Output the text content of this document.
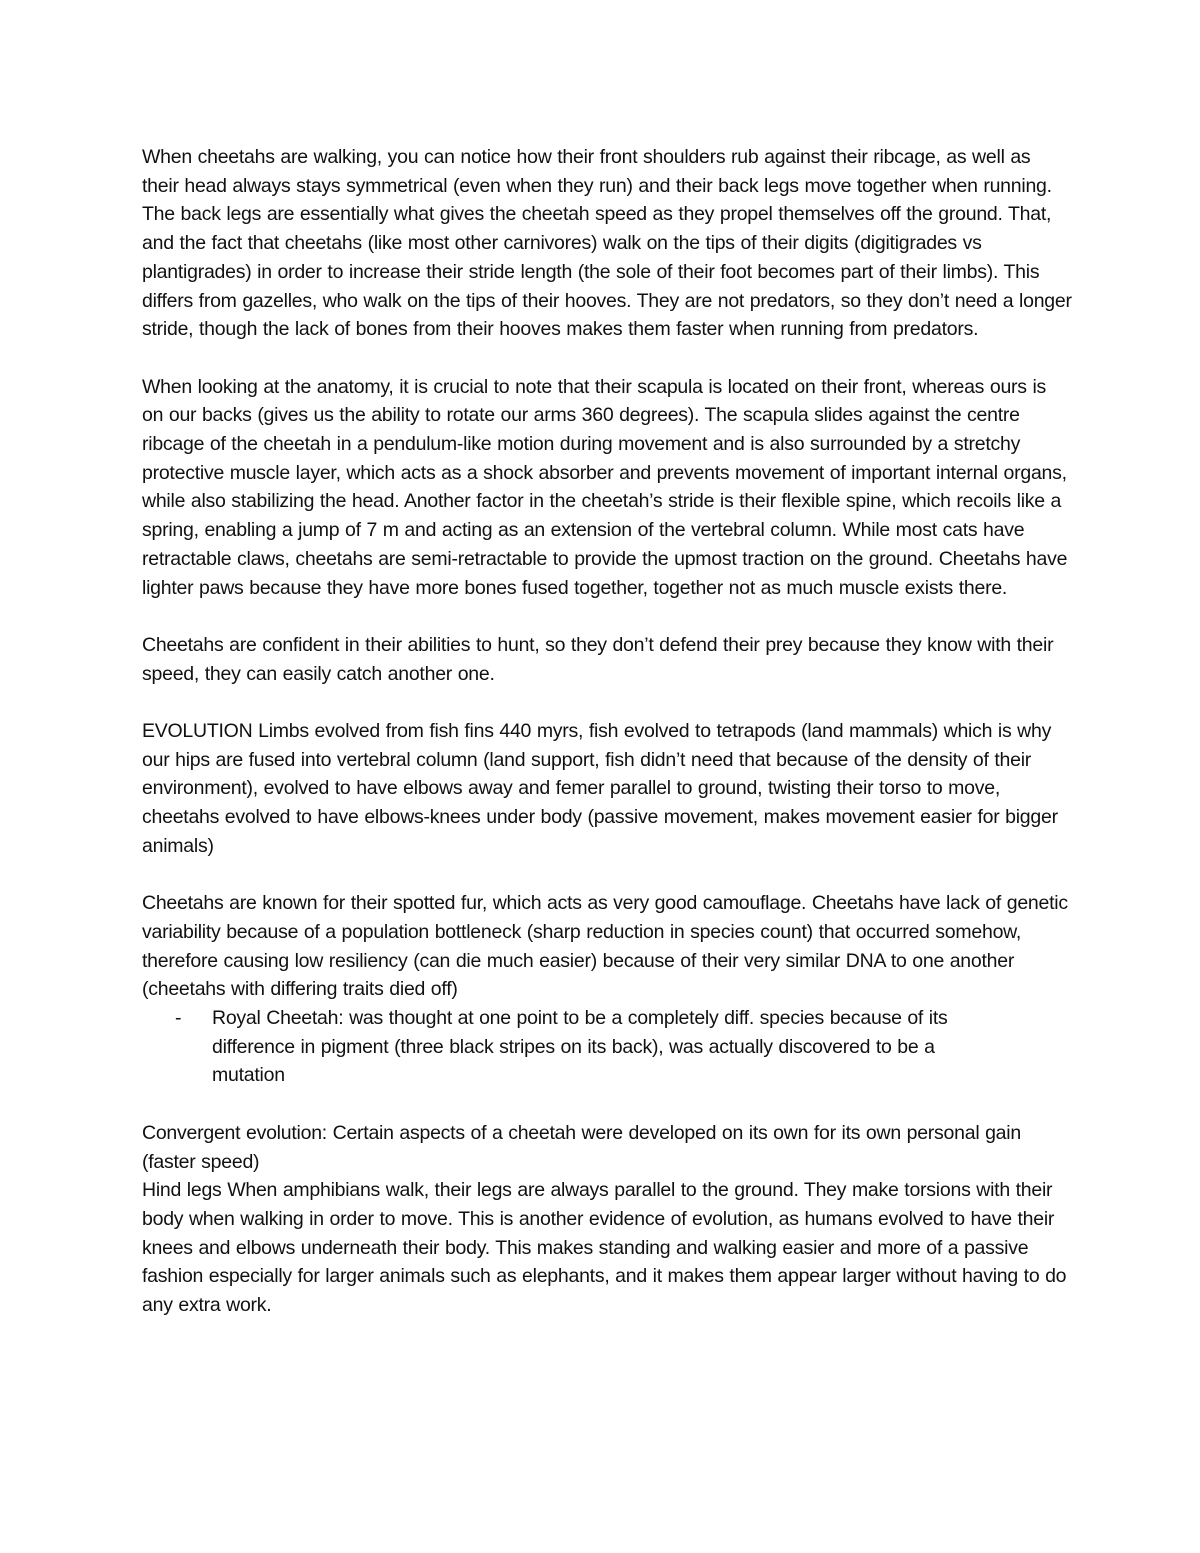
When cheetahs are walking, you can notice how their front shoulders rub against their ribcage, as well as their head always stays symmetrical (even when they run) and their back legs move together when running. The back legs are essentially what gives the cheetah speed as they propel themselves off the ground. That, and the fact that cheetahs (like most other carnivores) walk on the tips of their digits (digitigrades vs plantigrades) in order to increase their stride length (the sole of their foot becomes part of their limbs). This differs from gazelles, who walk on the tips of their hooves. They are not predators, so they don’t need a longer stride, though the lack of bones from their hooves makes them faster when running from predators.

When looking at the anatomy, it is crucial to note that their scapula is located on their front, whereas ours is on our backs (gives us the ability to rotate our arms 360 degrees). The scapula slides against the centre ribcage of the cheetah in a pendulum-like motion during movement and is also surrounded by a stretchy protective muscle layer, which acts as a shock absorber and prevents movement of important internal organs, while also stabilizing the head. Another factor in the cheetah’s stride is their flexible spine, which recoils like a spring, enabling a jump of 7 m and acting as an extension of the vertebral column. While most cats have retractable claws, cheetahs are semi-retractable to provide the upmost traction on the ground. Cheetahs have lighter paws because they have more bones fused together, together not as much muscle exists there.

Cheetahs are confident in their abilities to hunt, so they don’t defend their prey because they know with their speed, they can easily catch another one.

EVOLUTION Limbs evolved from fish fins 440 myrs, fish evolved to tetrapods (land mammals) which is why our hips are fused into vertebral column (land support, fish didn’t need that because of the density of their environment), evolved to have elbows away and femer parallel to ground, twisting their torso to move, cheetahs evolved to have elbows-knees under body (passive movement, makes movement easier for bigger animals)

Cheetahs are known for their spotted fur, which acts as very good camouflage. Cheetahs have lack of genetic variability because of a population bottleneck (sharp reduction in species count) that occurred somehow, therefore causing low resiliency (can die much easier) because of their very similar DNA to one another (cheetahs with differing traits died off)

-	Royal Cheetah: was thought at one point to be a completely diff. species because of its difference in pigment (three black stripes on its back), was actually discovered to be a mutation

Convergent evolution: Certain aspects of a cheetah were developed on its own for its own personal gain (faster speed)

Hind legs When amphibians walk, their legs are always parallel to the ground. They make torsions with their body when walking in order to move. This is another evidence of evolution, as humans evolved to have their knees and elbows underneath their body. This makes standing and walking easier and more of a passive fashion especially for larger animals such as elephants, and it makes them appear larger without having to do any extra work.
